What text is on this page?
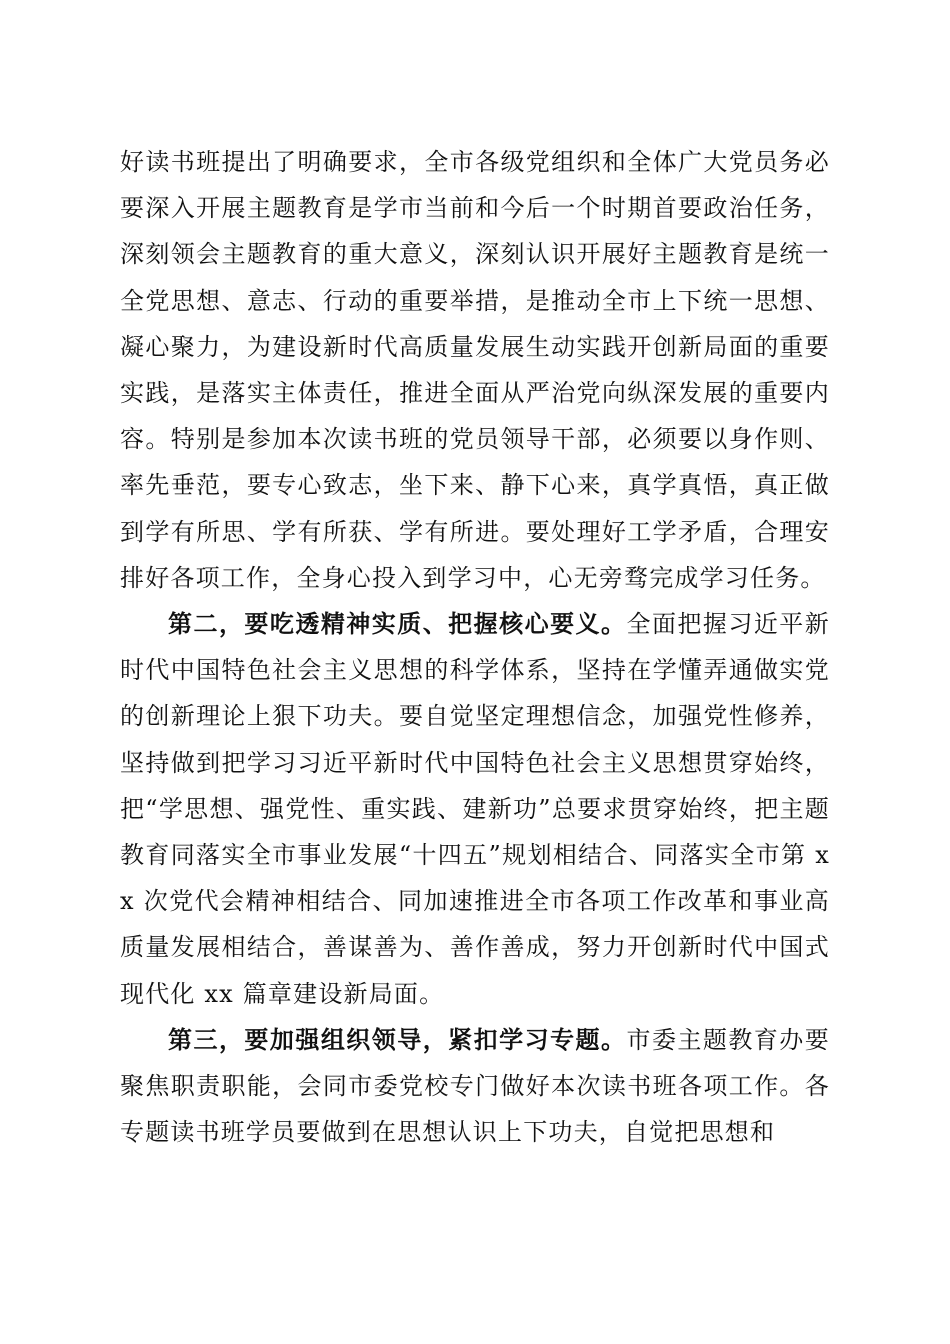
好读书班提出了明确要求，全市各级党组织和全体广大党员务必要深入开展主题教育是学市当前和今后一个时期首要政治任务，深刻领会主题教育的重大意义，深刻认识开展好主题教育是统一全党思想、意志、行动的重要举措，是推动全市上下统一思想、凝心聚力，为建设新时代高质量发展生动实践开创新局面的重要实践，是落实主体责任，推进全面从严治党向纵深发展的重要内容。特别是参加本次读书班的党员领导干部，必须要以身作则、率先垂范，要专心致志，坐下来、静下心来，真学真悟，真正做到学有所思、学有所获、学有所进。要处理好工学矛盾，合理安排好各项工作，全身心投入到学习中，心无旁骛完成学习任务。

第二，要吃透精神实质、把握核心要义。全面把握习近平新时代中国特色社会主义思想的科学体系，坚持在学懂弄通做实党的创新理论上狠下功夫。要自觉坚定理想信念，加强党性修养，坚持做到把学习习近平新时代中国特色社会主义思想贯穿始终，把“学思想、强党性、重实践、建新功”总要求贯穿始终，把主题教育同落实全市事业发展“十四五”规划相结合、同落实全市第 xx 次党代会精神相结合、同加速推进全市各项工作改革和事业高质量发展相结合，善谋善为、善作善成，努力开创新时代中国式现代化 xx 篇章建设新局面。

第三，要加强组织领导，紧扣学习专题。市委主题教育办要聚焦职责职能，会同市委党校专门做好本次读书班各项工作。各专题读书班学员要做到在思想认识上下功夫，自觉把思想和
